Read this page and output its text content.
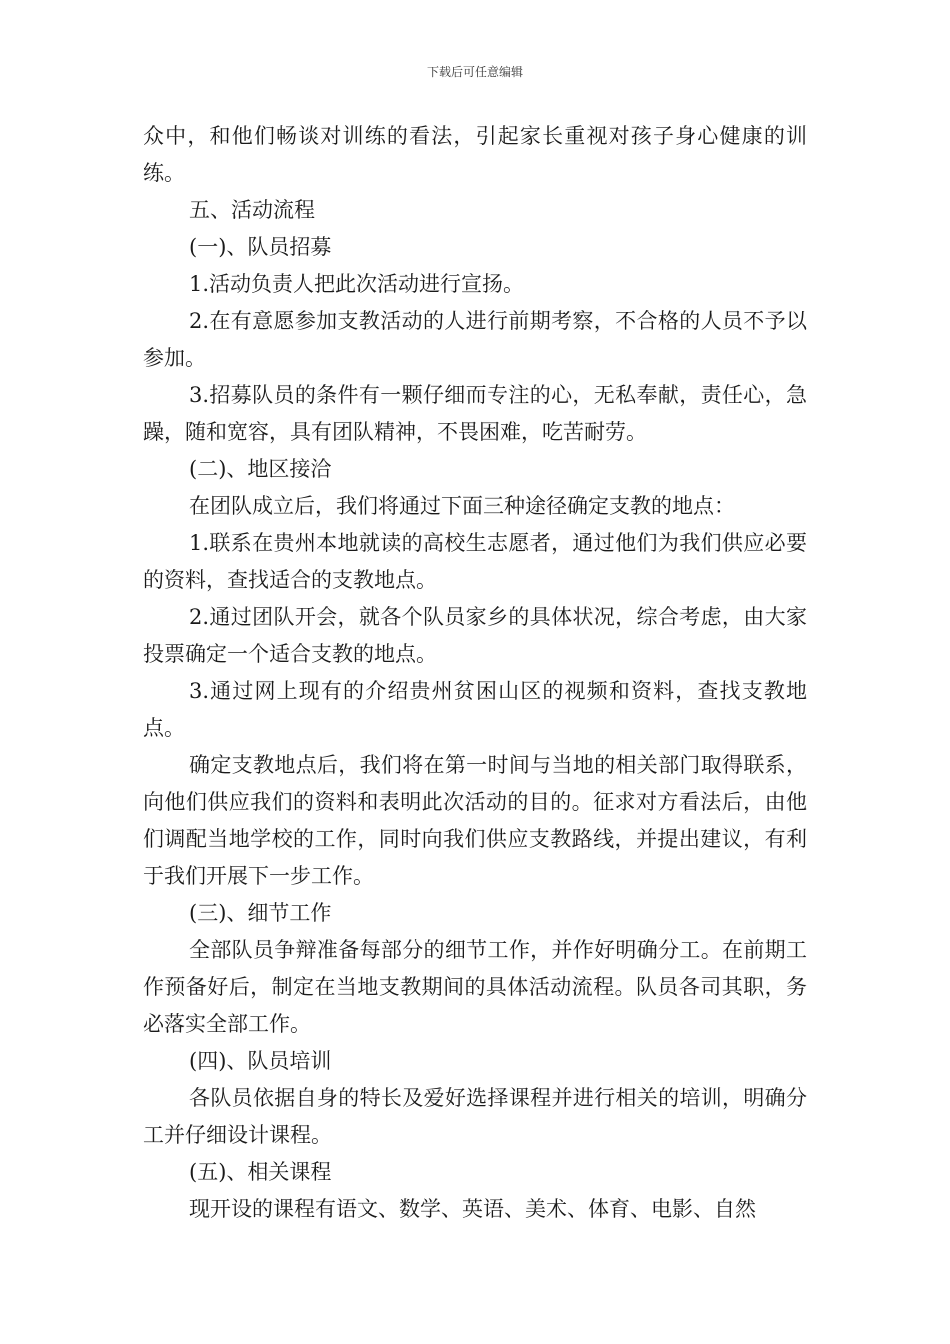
下载后可任意编辑

众中，和他们畅谈对训练的看法，引起家长重视对孩子身心健康的训练。

五、活动流程

(一)、队员招募

1.活动负责人把此次活动进行宣扬。

2.在有意愿参加支教活动的人进行前期考察，不合格的人员不予以参加。

3.招募队员的条件有一颗仔细而专注的心，无私奉献，责任心，急躁，随和宽容，具有团队精神，不畏困难，吃苦耐劳。

(二)、地区接洽

在团队成立后，我们将通过下面三种途径确定支教的地点：

1.联系在贵州本地就读的高校生志愿者，通过他们为我们供应必要的资料，查找适合的支教地点。

2.通过团队开会，就各个队员家乡的具体状况，综合考虑，由大家投票确定一个适合支教的地点。

3.通过网上现有的介绍贵州贫困山区的视频和资料，查找支教地点。

确定支教地点后，我们将在第一时间与当地的相关部门取得联系，向他们供应我们的资料和表明此次活动的目的。征求对方看法后，由他们调配当地学校的工作，同时向我们供应支教路线，并提出建议，有利于我们开展下一步工作。

(三)、细节工作

全部队员争辩准备每部分的细节工作，并作好明确分工。在前期工作预备好后，制定在当地支教期间的具体活动流程。队员各司其职，务必落实全部工作。

(四)、队员培训

各队员依据自身的特长及爱好选择课程并进行相关的培训，明确分工并仔细设计课程。

(五)、相关课程

现开设的课程有语文、数学、英语、美术、体育、电影、自然
